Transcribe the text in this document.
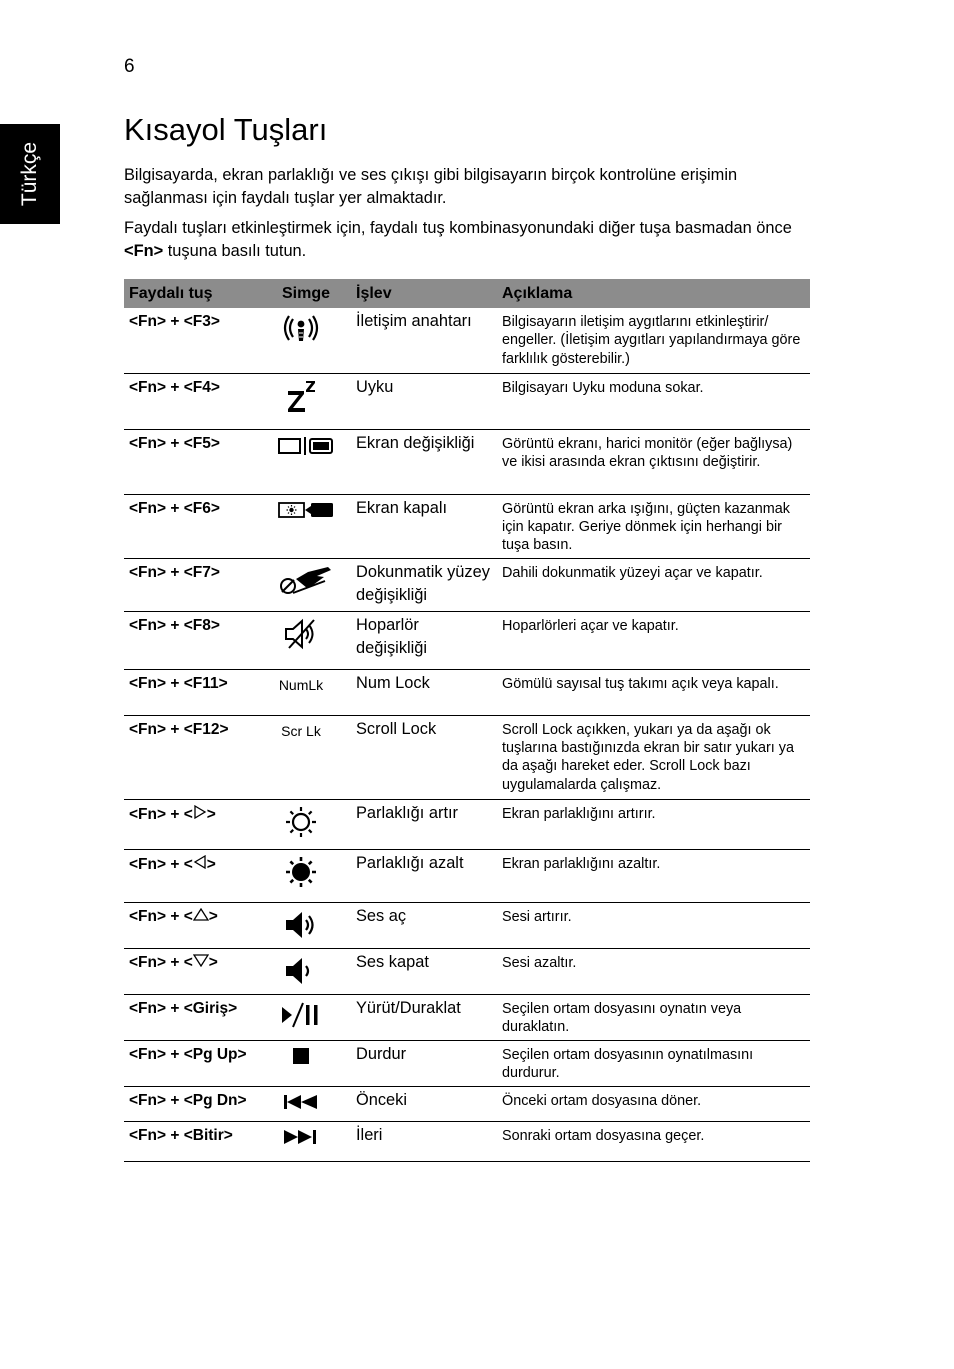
6
Türkçe
Kısayol Tuşları

Bilgisayarda, ekran parlaklığı ve ses çıkışı gibi bilgisayarın birçok kontrolüne erişimin sağlanması için faydalı tuşlar yer almaktadır.

Faydalı tuşları etkinleştirmek için, faydalı tuş kombinasyonundaki diğer tuşa basmadan önce <Fn> tuşuna basılı tutun.

Faydalı tuş	Simge	İşlev	Açıklama
<Fn> + <F3>		İletişim anahtarı	Bilgisayarın iletişim aygıtlarını etkinleştirir/ engeller. (İletişim aygıtları yapılandırmaya göre farklılık gösterebilir.)
<Fn> + <F4>		Uyku	Bilgisayarı Uyku moduna sokar.
<Fn> + <F5>		Ekran değişikliği	Görüntü ekranı, harici monitör (eğer bağlıysa) ve ikisi arasında ekran çıktısını değiştirir.
<Fn> + <F6>		Ekran kapalı	Görüntü ekran arka ışığını, güçten kazanmak için kapatır. Geriye dönmek için herhangi bir tuşa basın.
<Fn> + <F7>		Dokunmatik yüzey değişikliği	Dahili dokunmatik yüzeyi açar ve kapatır.
<Fn> + <F8>		Hoparlör değişikliği	Hoparlörleri açar ve kapatır.
<Fn> + <F11>	NumLk	Num Lock	Gömülü sayısal tuş takımı açık veya kapalı.
<Fn> + <F12>	Scr Lk	Scroll Lock	Scroll Lock açıkken, yukarı ya da aşağı ok tuşlarına bastığınızda ekran bir satır yukarı ya da aşağı hareket eder. Scroll Lock bazı uygulamalarda çalışmaz.
<Fn> + < >		Parlaklığı artır	Ekran parlaklığını artırır.
<Fn> + < >		Parlaklığı azalt	Ekran parlaklığını azaltır.
<Fn> + < >		Ses aç	Sesi artırır.
<Fn> + < >		Ses kapat	Sesi azaltır.
<Fn> + <Giriş>		Yürüt/Duraklat	Seçilen ortam dosyasını oynatın veya duraklatın.
<Fn> + <Pg Up>		Durdur	Seçilen ortam dosyasının oynatılmasını durdurur.
<Fn> + <Pg Dn>		Önceki	Önceki ortam dosyasına döner.
<Fn> + <Bitir>		İleri	Sonraki ortam dosyasına geçer.
